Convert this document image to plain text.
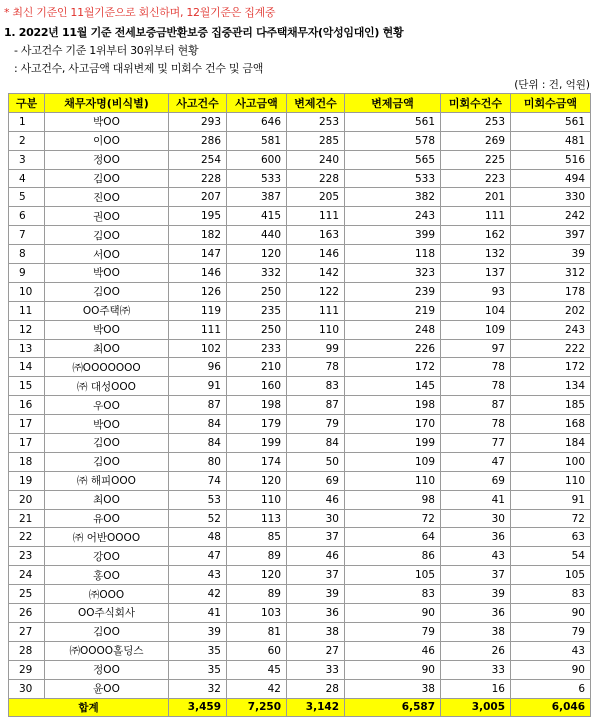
* 최신 기준인 11월기준으로 회신하며, 12월기준은 집계중
1. 2022년 11월 기준 전세보증금반환보증 집중관리 다주택채무자(악성임대인) 현황
- 사고건수 기준 1위부터 30위부터 현황
: 사고건수, 사고금액 대위변제 및 미회수 건수 및 금액
(단위 : 건, 억원)
구분	채무자명(비식별)	사고건수	사고금액	변제건수	변제금액	미회수건수	미회수금액
1	박OO	293	646	253	561	253	561
2	이OO	286	581	285	578	269	481
3	정OO	254	600	240	565	225	516
4	김OO	228	533	228	533	223	494
5	진OO	207	387	205	382	201	330
6	권OO	195	415	111	243	111	242
7	김OO	182	440	163	399	162	397
8	서OO	147	120	146	118	132	39
9	박OO	146	332	142	323	137	312
10	김OO	126	250	122	239	93	178
11	OO주택㈜	119	235	111	219	104	202
12	박OO	111	250	110	248	109	243
13	최OO	102	233	99	226	97	222
14	㈜OOOOOOO	96	210	78	172	78	172
15	㈜ 대성OOO	91	160	83	145	78	134
16	우OO	87	198	87	198	87	185
17	박OO	84	179	79	170	78	168
17	김OO	84	199	84	199	77	184
18	김OO	80	174	50	109	47	100
19	㈜ 해피OOO	74	120	69	110	69	110
20	최OO	53	110	46	98	41	91
21	유OO	52	113	30	72	30	72
22	㈜ 어반OOOO	48	85	37	64	36	63
23	강OO	47	89	46	86	43	54
24	홍OO	43	120	37	105	37	105
25	㈜OOO	42	89	39	83	39	83
26	OO주식회사	41	103	36	90	36	90
27	김OO	39	81	38	79	38	79
28	㈜OOOO홀딩스	35	60	27	46	26	43
29	정OO	35	45	33	90	33	90
30	윤OO	32	42	28	38	16	6
합계		3,459	7,250	3,142	6,587	3,005	6,046
